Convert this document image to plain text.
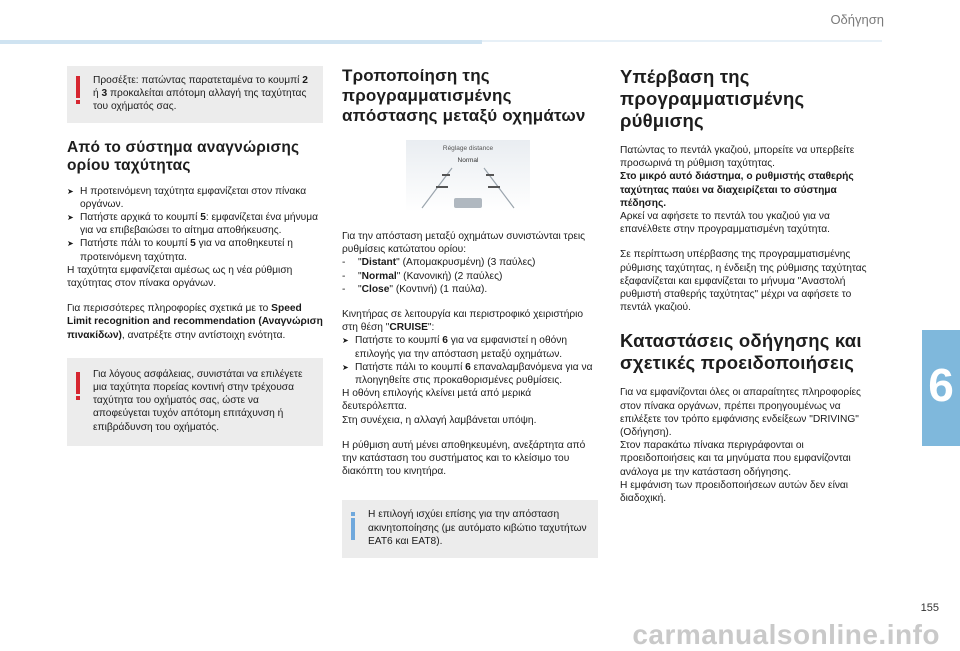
Οδήγηση
6
155

Προσέξτε: πατώντας παρατεταμένα το κουμπί 2 ή 3 προκαλείται απότομη αλλαγή της ταχύτητας του οχήματός σας.

Από το σύστημα αναγνώρισης ορίου ταχύτητας
➤ Η προτεινόμενη ταχύτητα εμφανίζεται στον πίνακα οργάνων.
➤ Πατήστε αρχικά το κουμπί 5: εμφανίζεται ένα μήνυμα για να επιβεβαιώσει το αίτημα αποθήκευσης.
➤ Πατήστε πάλι το κουμπί 5 για να αποθηκευτεί η προτεινόμενη ταχύτητα.

Η ταχύτητα εμφανίζεται αμέσως ως η νέα ρύθμιση ταχύτητας στον πίνακα οργάνων.

Για περισσότερες πληροφορίες σχετικά με το Speed Limit recognition and recommendation (Αναγνώριση πινακίδων), ανατρέξτε στην αντίστοιχη ενότητα.

Για λόγους ασφάλειας, συνιστάται να επιλέγετε μια ταχύτητα πορείας κοντινή στην τρέχουσα ταχύτητα του οχήματός σας, ώστε να αποφεύγεται τυχόν απότομη επιτάχυνση ή επιβράδυνση του οχήματός.

Τροποποίηση της προγραμματισμένης απόστασης μεταξύ οχημάτων
Réglage distance
Normal

Για την απόσταση μεταξύ οχημάτων συνιστώνται τρεις ρυθμίσεις κατώτατου ορίου:

- "Distant" (Απομακρυσμένη) (3 παύλες)
- "Normal" (Κανονική) (2 παύλες)
- "Close" (Κοντινή) (1 παύλα).

Κινητήρας σε λειτουργία και περιστροφικό χειριστήριο στη θέση "CRUISE":

➤ Πατήστε το κουμπί 6 για να εμφανιστεί η οθόνη επιλογής για την απόσταση μεταξύ οχημάτων.
➤ Πατήστε πάλι το κουμπί 6 επαναλαμβανόμενα για να πλοηγηθείτε στις προκαθορισμένες ρυθμίσεις.

Η οθόνη επιλογής κλείνει μετά από μερικά δευτερόλεπτα.

Στη συνέχεια, η αλλαγή λαμβάνεται υπόψη.

Η ρύθμιση αυτή μένει αποθηκευμένη, ανεξάρτητα από την κατάσταση του συστήματος και το κλείσιμο του διακόπτη του κινητήρα.

Η επιλογή ισχύει επίσης για την απόσταση ακινητοποίησης (με αυτόματο κιβώτιο ταχυτήτων EAT6 και EAT8).

Υπέρβαση της προγραμματισμένης ρύθμισης

Πατώντας το πεντάλ γκαζιού, μπορείτε να υπερβείτε προσωρινά τη ρύθμιση ταχύτητας.

Στο μικρό αυτό διάστημα, ο ρυθμιστής σταθερής ταχύτητας παύει να διαχειρίζεται το σύστημα πέδησης.

Αρκεί να αφήσετε το πεντάλ του γκαζιού για να επανέλθετε στην προγραμματισμένη ταχύτητα.

Σε περίπτωση υπέρβασης της προγραμματισμένης ρύθμισης ταχύτητας, η ένδειξη της ρύθμισης ταχύτητας εξαφανίζεται και εμφανίζεται το μήνυμα "Αναστολή ρυθμιστή σταθερής ταχύτητας" μέχρι να αφήσετε το πεντάλ γκαζιού.

Καταστάσεις οδήγησης και σχετικές προειδοποιήσεις

Για να εμφανίζονται όλες οι απαραίτητες πληροφορίες στον πίνακα οργάνων, πρέπει προηγουμένως να επιλέξετε τον τρόπο εμφάνισης ενδείξεων "DRIVING" (Οδήγηση).

Στον παρακάτω πίνακα περιγράφονται οι προειδοποιήσεις και τα μηνύματα που εμφανίζονται ανάλογα με την κατάσταση οδήγησης.

Η εμφάνιση των προειδοποιήσεων αυτών δεν είναι διαδοχική.

carmanualsonline.info
